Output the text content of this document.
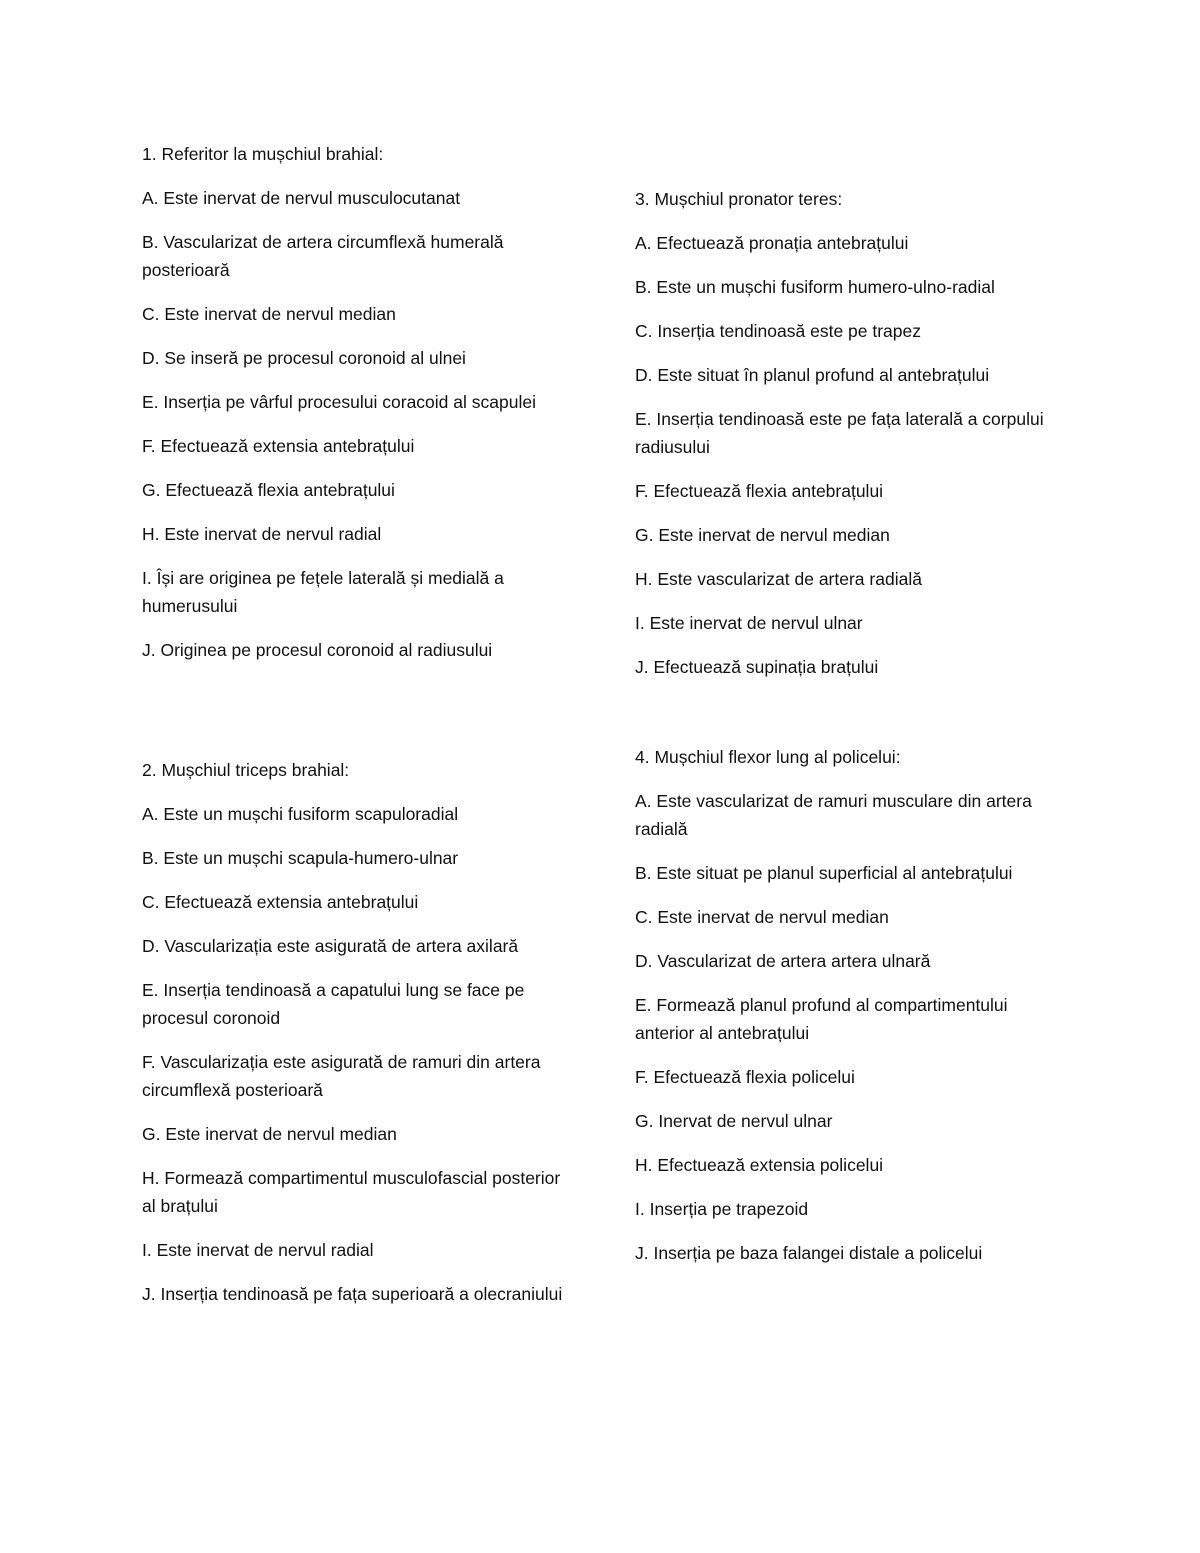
1. Referitor la mușchiul brahial:
A. Este inervat de nervul musculocutanat
B. Vascularizat de artera circumflexă humerală posterioară
C. Este inervat de nervul median
D. Se inseră pe procesul coronoid al ulnei
E. Inserția pe vârful procesului coracoid al scapulei
F. Efectuează extensia antebrațului
G. Efectuează flexia antebrațului
H. Este inervat de nervul radial
I. Își are originea pe fețele laterală și medială a humerusului
J. Originea pe procesul coronoid al radiusului
2. Mușchiul triceps brahial:
A. Este un mușchi fusiform scapuloradial
B. Este un mușchi scapula-humero-ulnar
C. Efectuează extensia antebrațului
D. Vascularizația este asigurată de artera axilară
E. Inserția tendinoasă a capatului lung se face pe procesul coronoid
F. Vascularizația este asigurată de ramuri din artera circumflexă posterioară
G. Este inervat de nervul median
H. Formează compartimentul musculofascial posterior al brațului
I. Este inervat de nervul radial
J. Inserția tendinoasă pe fața superioară a olecraniului
3. Mușchiul pronator teres:
A. Efectuează pronația antebrațului
B. Este un mușchi fusiform humero-ulno-radial
C. Inserția tendinoasă este pe trapez
D. Este situat în planul profund al antebrațului
E. Inserția tendinoasă este pe fața laterală a corpului radiusului
F. Efectuează flexia antebrațului
G. Este inervat de nervul median
H. Este vascularizat de artera radială
I. Este inervat de nervul ulnar
J. Efectuează supinația brațului
4. Mușchiul flexor lung al policelui:
A. Este vascularizat de ramuri musculare din artera radială
B. Este situat pe planul superficial al antebrațului
C. Este inervat de nervul median
D. Vascularizat de artera artera ulnară
E. Formează planul profund al compartimentului anterior al antebrațului
F. Efectuează flexia policelui
G. Inervat de nervul ulnar
H. Efectuează extensia policelui
I. Inserția pe trapezoid
J. Inserția pe baza falangei distale a policelui
